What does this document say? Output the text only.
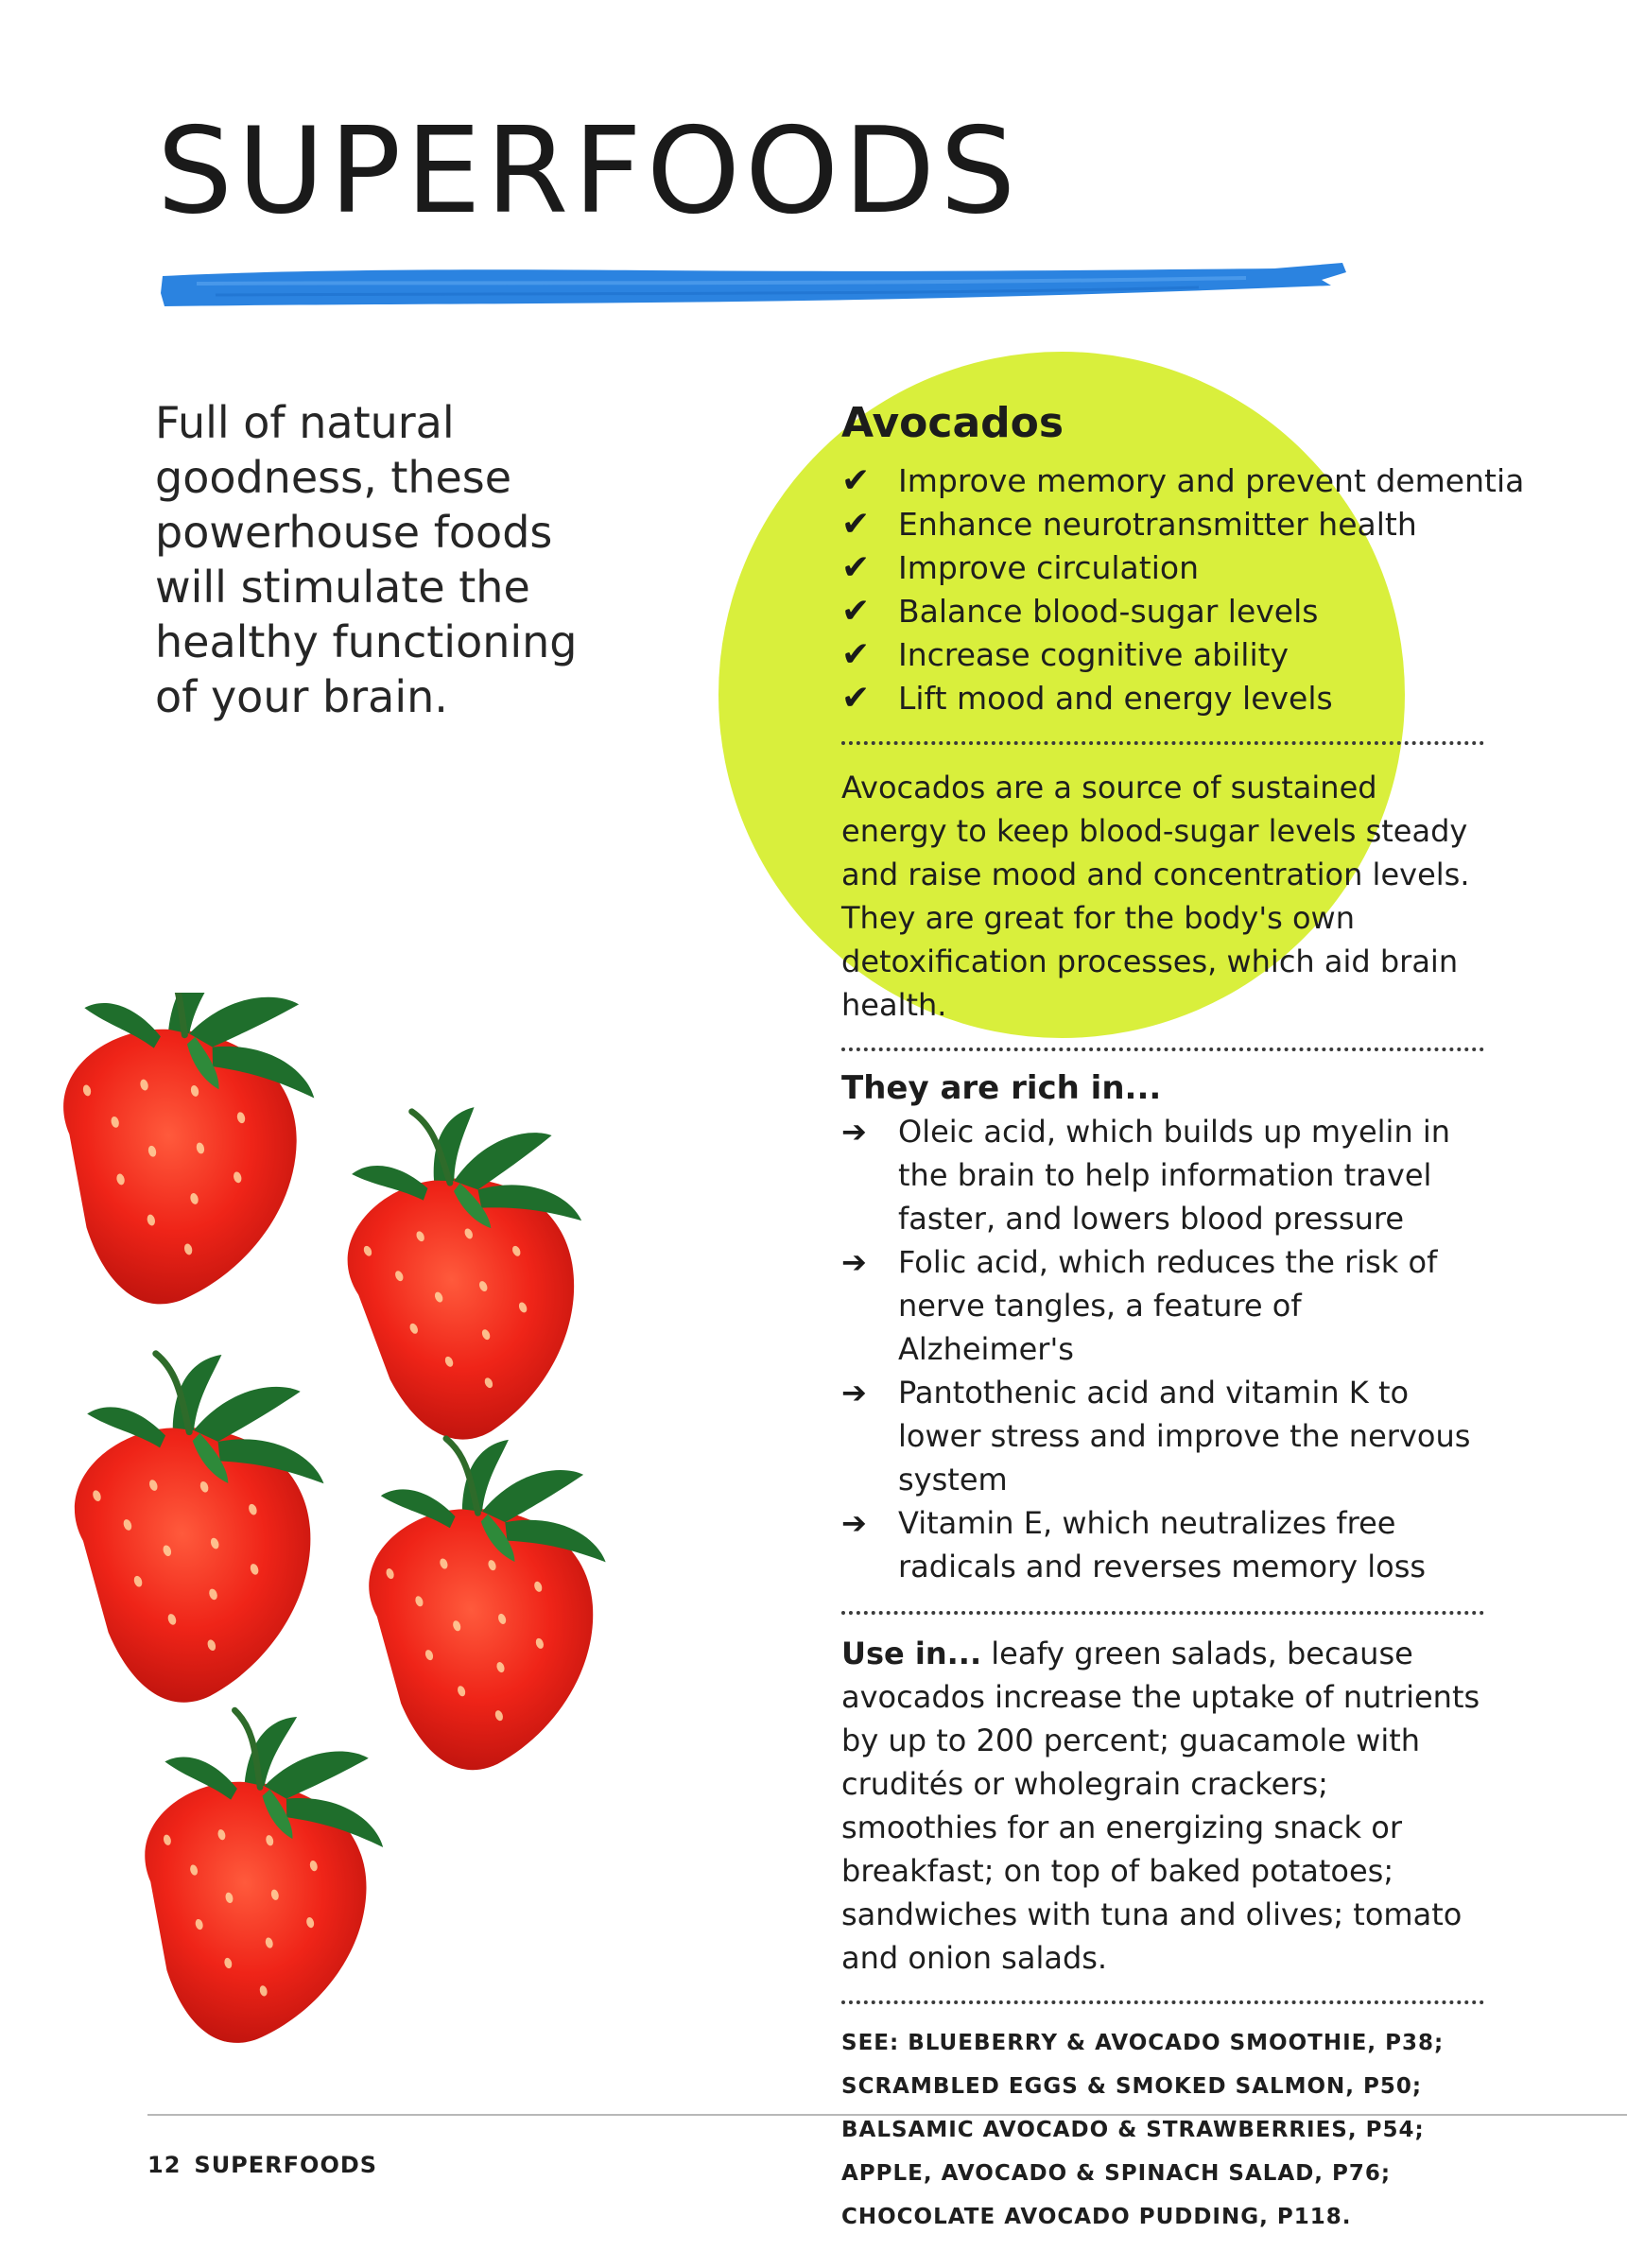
SUPERFOODS

Full of natural goodness, these powerhouse foods will stimulate the healthy functioning of your brain.

Avocados
✔ Improve memory and prevent dementia
✔ Enhance neurotransmitter health
✔ Improve circulation
✔ Balance blood-sugar levels
✔ Increase cognitive ability
✔ Lift mood and energy levels

Avocados are a source of sustained energy to keep blood-sugar levels steady and raise mood and concentration levels. They are great for the body's own detoxification processes, which aid brain health.

They are rich in...
➔ Oleic acid, which builds up myelin in the brain to help information travel faster, and lowers blood pressure
➔ Folic acid, which reduces the risk of nerve tangles, a feature of Alzheimer's
➔ Pantothenic acid and vitamin K to lower stress and improve the nervous system
➔ Vitamin E, which neutralizes free radicals and reverses memory loss

Use in... leafy green salads, because avocados increase the uptake of nutrients by up to 200 percent; guacamole with crudités or wholegrain crackers; smoothies for an energizing snack or breakfast; on top of baked potatoes; sandwiches with tuna and olives; tomato and onion salads.

SEE: BLUEBERRY & AVOCADO SMOOTHIE, P38;
SCRAMBLED EGGS & SMOKED SALMON, P50;
BALSAMIC AVOCADO & STRAWBERRIES, P54;
APPLE, AVOCADO & SPINACH SALAD, P76;
CHOCOLATE AVOCADO PUDDING, P118.

12 SUPERFOODS
